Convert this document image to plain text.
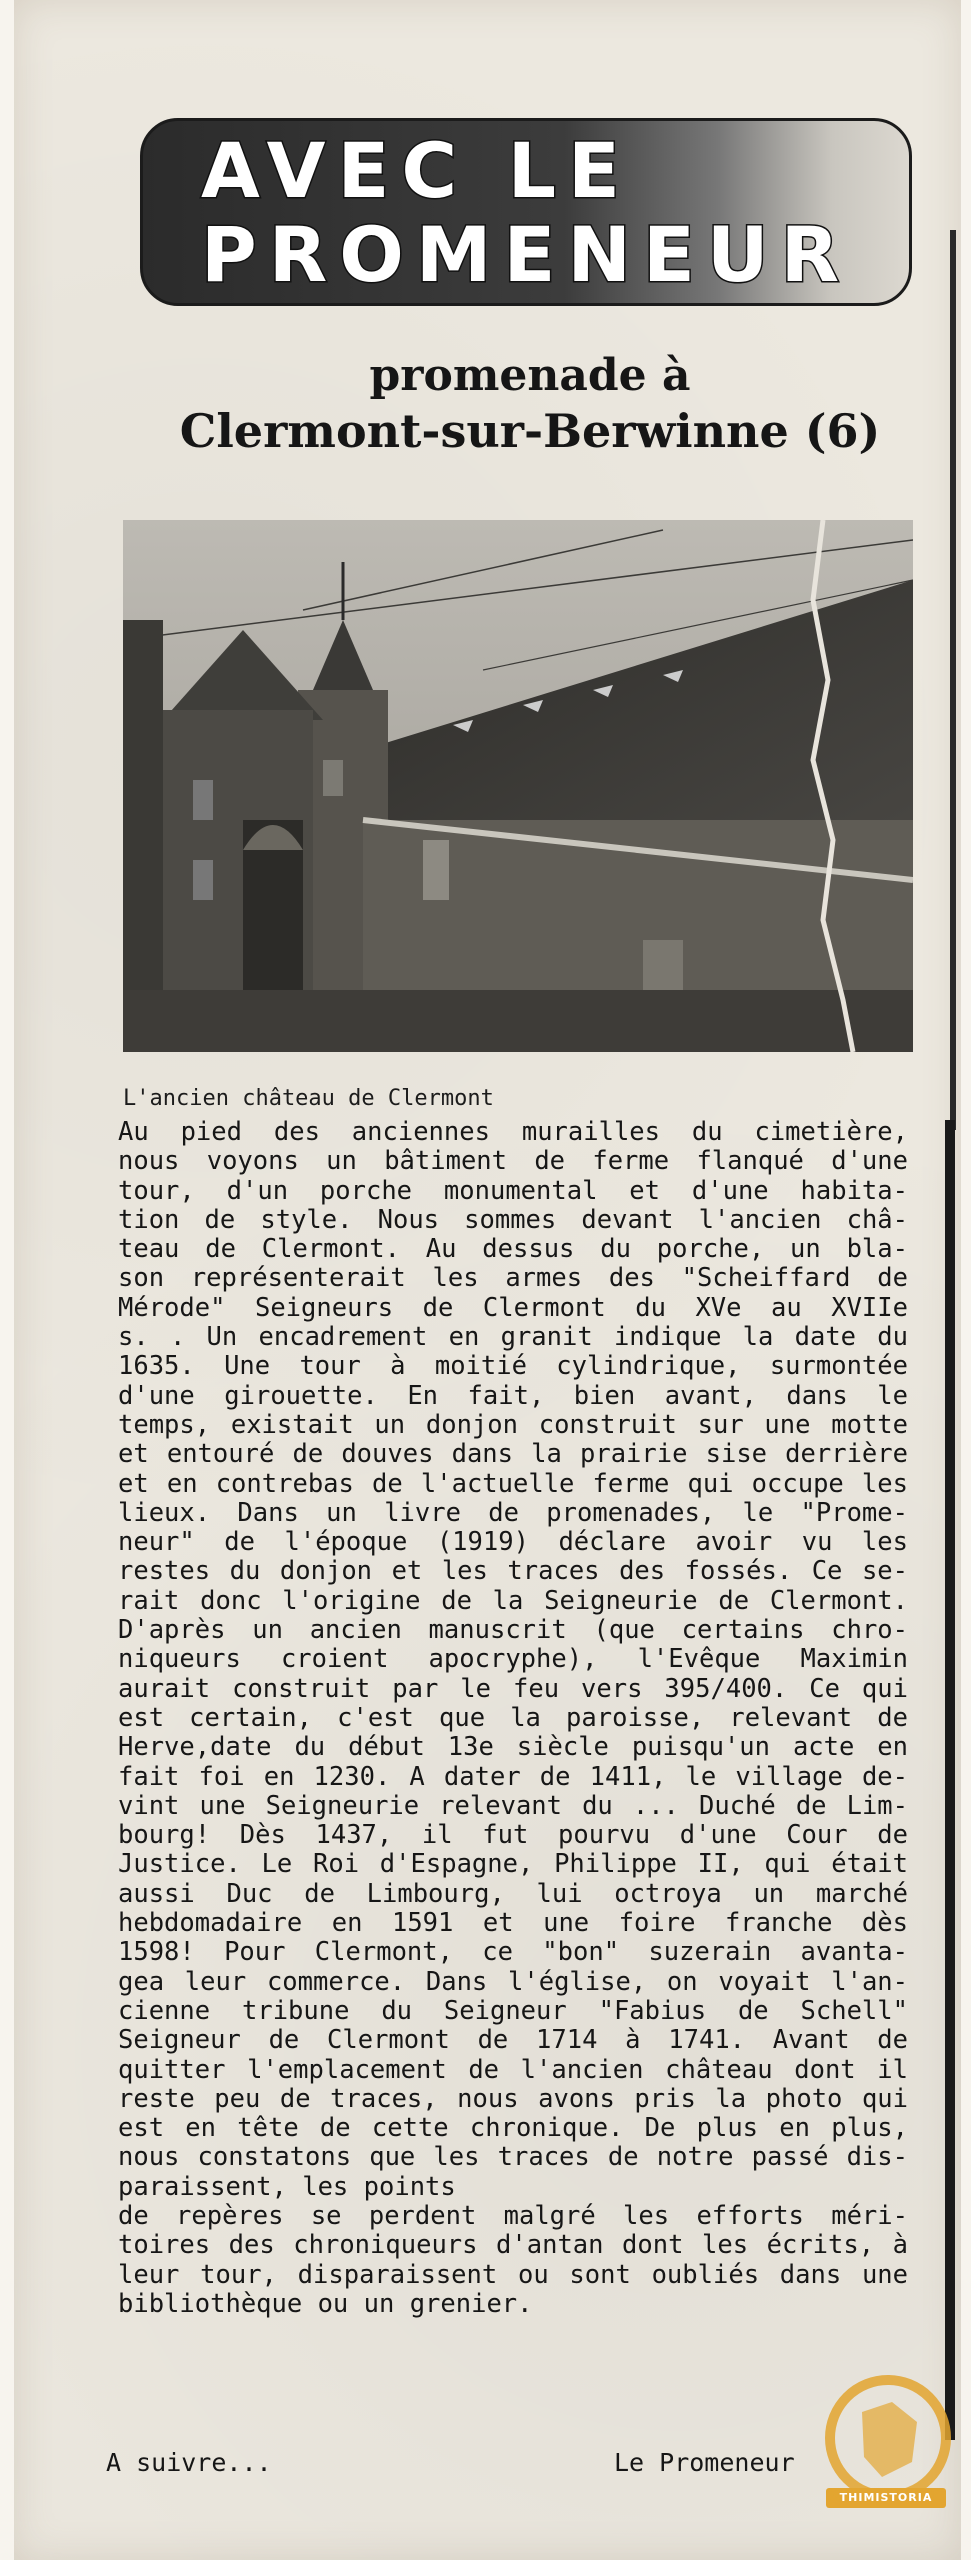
AVEC LE
PROMENEUR
promenade à
Clermont-sur-Berwinne (6)
L'ancien château de Clermont
Au pied des anciennes murailles du cimetière,
nous voyons un bâtiment de ferme flanqué d'une
tour, d'un porche monumental et d'une habita-
tion de style. Nous sommes devant l'ancien châ-
teau de Clermont. Au dessus du porche, un bla-
son représenterait les armes des "Scheiffard de
Mérode" Seigneurs de Clermont du XVe au XVIIe
s. . Un encadrement en granit indique la date du
1635. Une tour à moitié cylindrique, surmontée
d'une girouette. En fait, bien avant, dans le
temps, existait un donjon construit sur une motte
et entouré de douves dans la prairie sise derrière
et en contrebas de l'actuelle ferme qui occupe les
lieux. Dans un livre de promenades, le "Prome-
neur" de l'époque (1919) déclare avoir vu les
restes du donjon et les traces des fossés. Ce se-
rait donc l'origine de la Seigneurie de Clermont.
D'après un ancien manuscrit (que certains chro-
niqueurs croient apocryphe), l'Evêque Maximin
aurait construit par le feu vers 395/400. Ce qui
est certain, c'est que la paroisse, relevant de
Herve,date du début 13e siècle puisqu'un acte en
fait foi en 1230. A dater de 1411, le village de-
vint une Seigneurie relevant du ... Duché de Lim-
bourg! Dès 1437, il fut pourvu d'une Cour de
Justice. Le Roi d'Espagne, Philippe II, qui était
aussi Duc de Limbourg, lui octroya un marché
hebdomadaire en 1591 et une foire franche dès
1598! Pour Clermont, ce "bon" suzerain avanta-
gea leur commerce. Dans l'église, on voyait l'an-
cienne tribune du Seigneur "Fabius de Schell"
Seigneur de Clermont de 1714 à 1741. Avant de
quitter l'emplacement de l'ancien château dont il
reste peu de traces, nous avons pris la photo qui
est en tête de cette chronique. De plus en plus,
nous constatons que les traces de notre passé dis-
paraissent, les points
de repères se perdent malgré les efforts méri-
toires des chroniqueurs d'antan dont les écrits, à
leur tour, disparaissent ou sont oubliés dans une
bibliothèque ou un grenier.
A suivre...	Le Promeneur
THIMISTORIA
